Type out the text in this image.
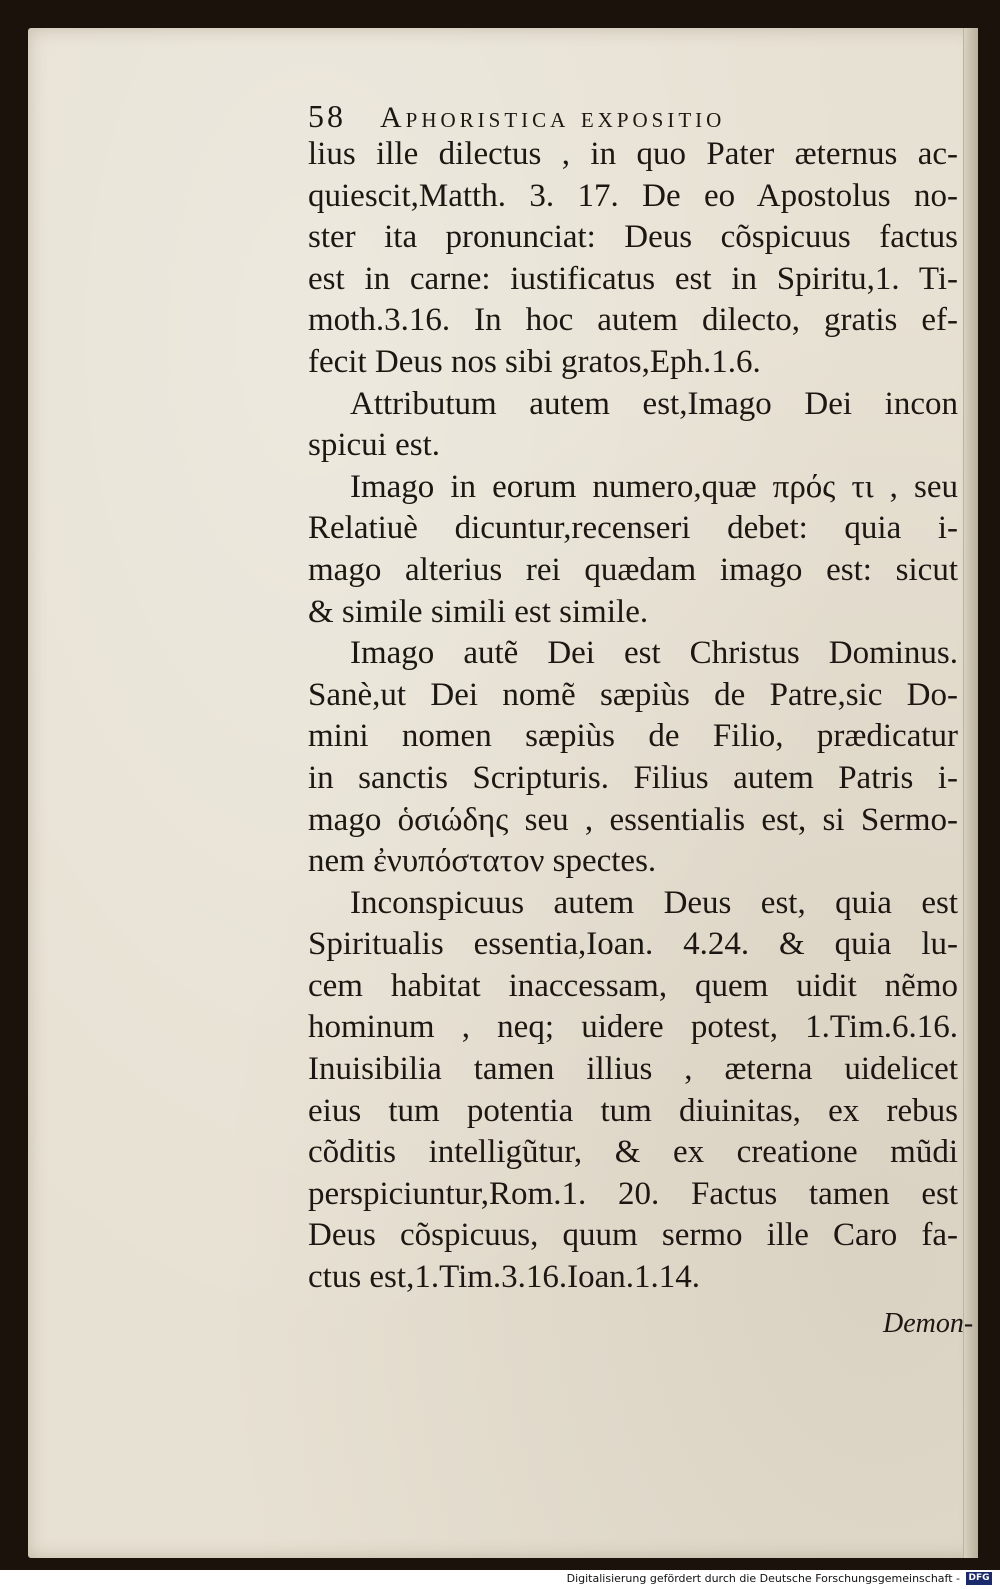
58	Aphoristica expositio
lius ille dilectus , in quo Pater æternus ac-
quiescit,Matth. 3. 17. De eo Apostolus no-
ster ita pronunciat: Deus cõspicuus factus
est in carne: iustificatus est in Spiritu,1. Ti-
moth.3.16. In hoc autem dilecto, gratis ef-
fecit Deus nos sibi gratos,Eph.1.6.
Attributum autem est,Imago Dei incon
spicui est.
Imago in eorum numero,quæ πρός τι , seu
Relatiuè dicuntur,recenseri debet: quia i-
mago alterius rei quædam imago est: sicut
& simile simili est simile.
Imago autẽ Dei est Christus Dominus.
Sanè,ut Dei nomẽ sæpiùs de Patre,sic Do-
mini nomen sæpiùs de Filio, prædicatur
in sanctis Scripturis. Filius autem Patris i-
mago ὁσιώδης seu , essentialis est, si Sermo-
nem ἐνυπόστατον spectes.
Inconspicuus autem Deus est, quia est
Spiritualis essentia,Ioan. 4.24. & quia lu-
cem habitat inaccessam, quem uidit nẽmo
hominum , neq; uidere potest, 1.Tim.6.16.
Inuisibilia tamen illius , æterna uidelicet
eius tum potentia tum diuinitas, ex rebus
cõditis intelligũtur, & ex creatione mũdi
perspiciuntur,Rom.1. 20. Factus tamen est
Deus cõspicuus, quum sermo ille Caro fa-
ctus est,1.Tim.3.16.Ioan.1.14.
Demon-
Digitalisierung gefördert durch die Deutsche Forschungsgemeinschaft - DFG
